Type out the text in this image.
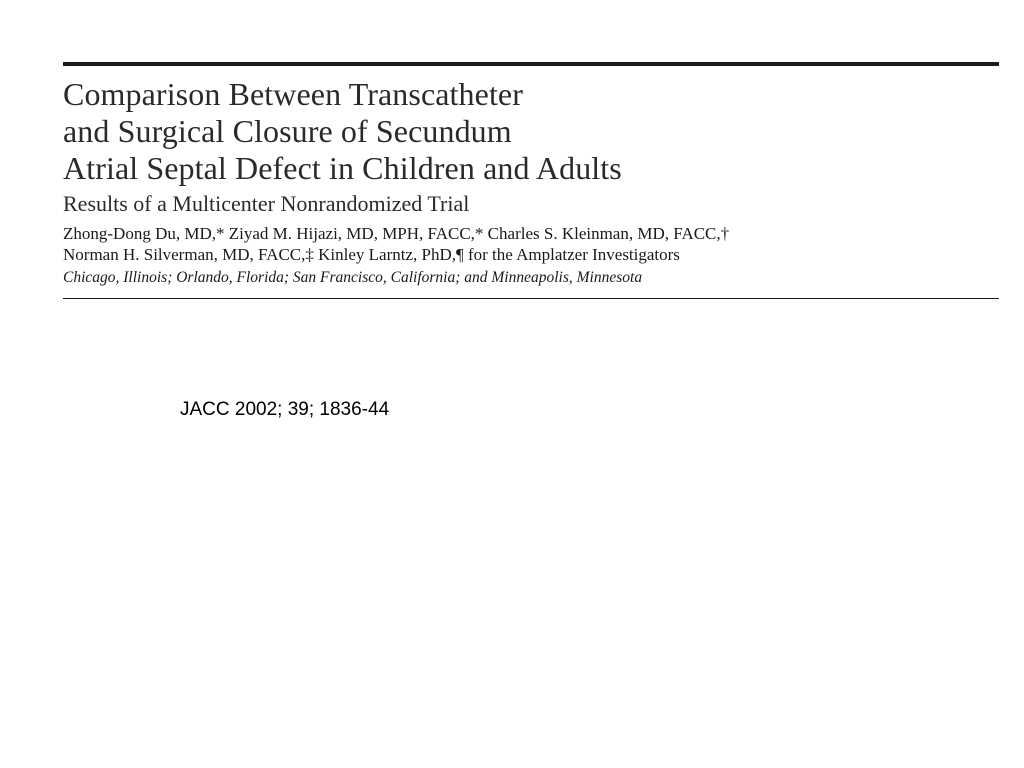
Comparison Between Transcatheter
and Surgical Closure of Secundum
Atrial Septal Defect in Children and Adults
Results of a Multicenter Nonrandomized Trial
Zhong-Dong Du, MD,* Ziyad M. Hijazi, MD, MPH, FACC,* Charles S. Kleinman, MD, FACC,†
Norman H. Silverman, MD, FACC,‡ Kinley Larntz, PhD,¶ for the Amplatzer Investigators
Chicago, Illinois; Orlando, Florida; San Francisco, California; and Minneapolis, Minnesota
JACC 2002; 39; 1836-44
